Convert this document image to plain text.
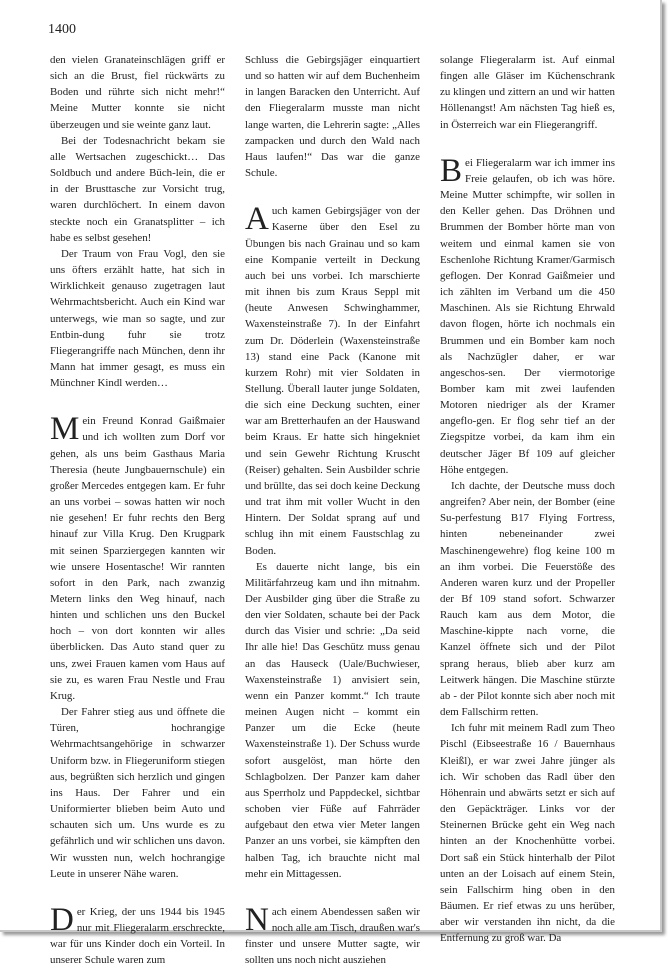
1400

den vielen Granateinschlägen griff er sich an die Brust, fiel rückwärts zu Boden und rührte sich nicht mehr!“ Meine Mutter konnte sie nicht überzeugen und sie weinte ganz laut.

Bei der Todesnachricht bekam sie alle Wertsachen zugeschickt… Das Soldbuch und andere Büch-lein, die er in der Brusttasche zur Vorsicht trug, waren durchlöchert. In einem davon steckte noch ein Granatsplitter – ich habe es selbst gesehen!

Der Traum von Frau Vogl, den sie uns öfters erzählt hatte, hat sich in Wirklichkeit genauso zugetragen laut Wehrmachtsbericht. Auch ein Kind war unterwegs, wie man so sagte, und zur Entbin-dung fuhr sie trotz Fliegerangriffe nach München, denn ihr Mann hat immer gesagt, es muss ein Münchner Kindl werden…

Mein Freund Konrad Gaißmaier und ich wollten zum Dorf vor gehen, als uns beim Gasthaus Maria Theresia (heute Jungbauernschule) ein großer Mercedes entgegen kam. Er fuhr an uns vorbei – sowas hatten wir noch nie gesehen! Er fuhr rechts den Berg hinauf zur Villa Krug. Den Krugpark mit seinen Sparziergegen kannten wir wie unsere Hosentasche! Wir rannten sofort in den Park, nach zwanzig Metern links den Weg hinauf, nach hinten und schlichen uns den Buckel hoch – von dort konnten wir alles überblicken. Das Auto stand quer zu uns, zwei Frauen kamen vom Haus auf sie zu, es waren Frau Nestle und Frau Krug.

Der Fahrer stieg aus und öffnete die Türen, hochrangige Wehrmachtsangehörige in schwarzer Uniform bzw. in Fliegeruniform stiegen aus, begrüßten sich herzlich und gingen ins Haus. Der Fahrer und ein Uniformierter blieben beim Auto und schauten sich um. Uns wurde es zu gefährlich und wir schlichen uns davon. Wir wussten nun, welch hochrangige Leute in unserer Nähe waren.

Der Krieg, der uns 1944 bis 1945 nur mit Fliegeralarm erschreckte, war für uns Kinder doch ein Vorteil. In unserer Schule waren zum

Schluss die Gebirgsjäger einquartiert und so hatten wir auf dem Buchenheim in langen Baracken den Unterricht. Auf den Fliegeralarm musste man nicht lange warten, die Lehrerin sagte: „Alles zampacken und durch den Wald nach Haus laufen!“ Das war die ganze Schule.

Auch kamen Gebirgsjäger von der Kaserne über den Esel zu Übungen bis nach Grainau und so kam eine Kompanie verteilt in Deckung auch bei uns vorbei. Ich marschierte mit ihnen bis zum Kraus Seppl mit (heute Anwesen Schwinghammer, Waxensteinstraße 7). In der Einfahrt zum Dr. Döderlein (Waxensteinstraße 13) stand eine Pack (Kanone mit kurzem Rohr) mit vier Soldaten in Stellung. Überall lauter junge Soldaten, die sich eine Deckung suchten, einer war am Bretterhaufen an der Hauswand beim Kraus. Er hatte sich hingekniet und sein Gewehr Richtung Kruscht (Reiser) gehalten. Sein Ausbilder schrie und brüllte, das sei doch keine Deckung und trat ihm mit voller Wucht in den Hintern. Der Soldat sprang auf und schlug ihn mit einem Faustschlag zu Boden.

Es dauerte nicht lange, bis ein Militärfahrzeug kam und ihn mitnahm. Der Ausbilder ging über die Straße zu den vier Soldaten, schaute bei der Pack durch das Visier und schrie: „Da seid Ihr alle hie! Das Geschütz muss genau an das Hauseck (Uale/Buchwieser, Waxensteinstraße 1) anvisiert sein, wenn ein Panzer kommt.“ Ich traute meinen Augen nicht – kommt ein Panzer um die Ecke (heute Waxensteinstraße 1). Der Schuss wurde sofort ausgelöst, man hörte den Schlagbolzen. Der Panzer kam daher aus Sperrholz und Pappdeckel, sichtbar schoben vier Füße auf Fahrräder aufgebaut den etwa vier Meter langen Panzer an uns vorbei, sie kämpften den halben Tag, ich brauchte nicht mal mehr ein Mittagessen.

Nach einem Abendessen saßen wir noch alle am Tisch, draußen war's finster und unsere Mutter sagte, wir sollten uns noch nicht ausziehen

solange Fliegeralarm ist. Auf einmal fingen alle Gläser im Küchenschrank zu klingen und zittern an und wir hatten Höllenangst! Am nächsten Tag hieß es, in Österreich war ein Fliegerangriff.

Bei Fliegeralarm war ich immer ins Freie gelaufen, ob ich was höre. Meine Mutter schimpfte, wir sollen in den Keller gehen. Das Dröhnen und Brummen der Bomber hörte man von weitem und einmal kamen sie von Eschenlohe Richtung Kramer/Garmisch geflogen. Der Konrad Gaißmeier und ich zählten im Verband um die 450 Maschinen. Als sie Richtung Ehrwald davon flogen, hörte ich nochmals ein Brummen und ein Bomber kam noch als Nachzügler daher, er war angeschos-sen. Der viermotorige Bomber kam mit zwei laufenden Motoren niedriger als der Kramer angeflo-gen. Er flog sehr tief an der Ziegspitze vorbei, da kam ihm ein deutscher Jäger Bf 109 auf gleicher Höhe entgegen.

Ich dachte, der Deutsche muss doch angreifen? Aber nein, der Bomber (eine Su-perfestung B17 Flying Fortress, hinten nebeneinander zwei Maschinengewehre) flog keine 100 m an ihm vorbei. Die Feuerstöße des Anderen waren kurz und der Propeller der Bf 109 stand sofort. Schwarzer Rauch kam aus dem Motor, die Maschine-kippte nach vorne, die Kanzel öffnete sich und der Pilot sprang heraus, blieb aber kurz am Leitwerk hängen. Die Maschine stürzte ab - der Pilot konnte sich aber noch mit dem Fallschirm retten.

Ich fuhr mit meinem Radl zum Theo Pischl (Eibseestraße 16 / Bauernhaus Kleißl), er war zwei Jahre jünger als ich. Wir schoben das Radl über den Höhenrain und abwärts setzt er sich auf den Gepäckträger. Links vor der Steinernen Brücke geht ein Weg nach hinten an der Knochenhütte vorbei. Dort saß ein Stück hinterhalb der Pilot unten an der Loisach auf einem Stein, sein Fallschirm hing oben in den Bäumen. Er rief etwas zu uns herüber, aber wir verstanden ihn nicht, da die Entfernung zu groß war. Da
